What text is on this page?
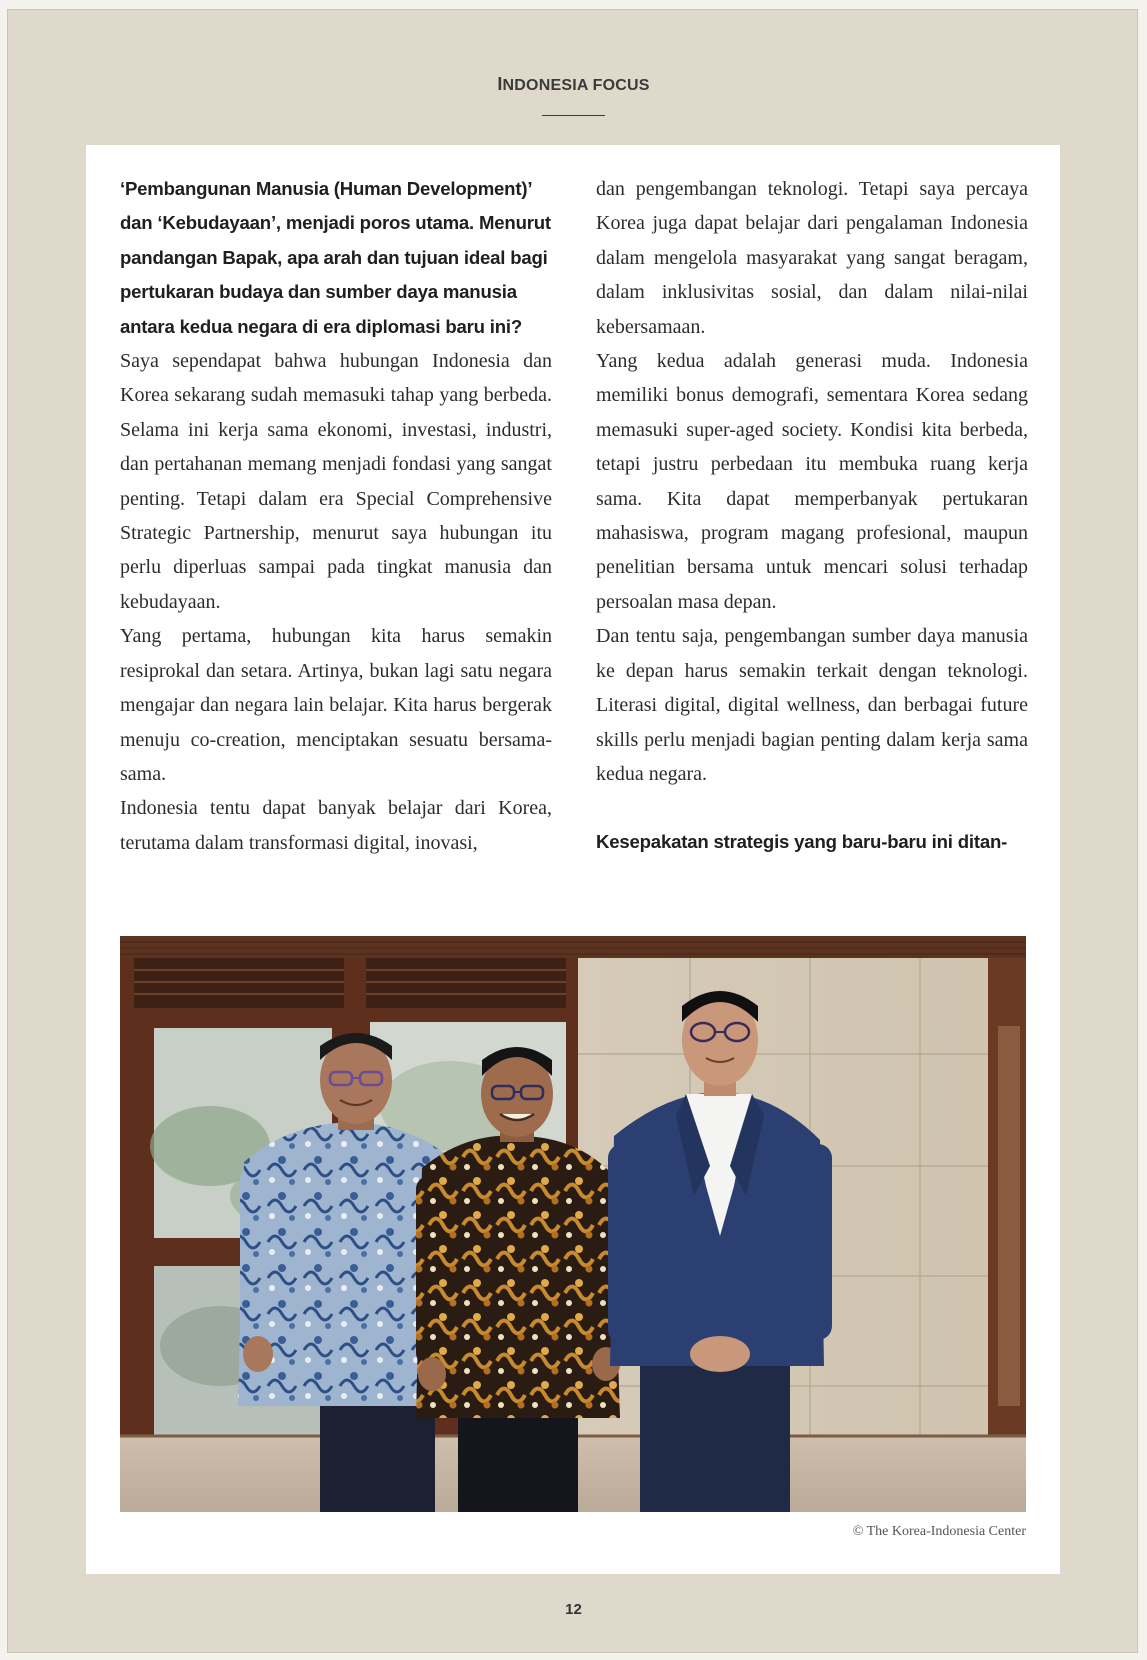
INDONESIA FOCUS

‘Pembangunan Manusia (Human Development)’ dan ‘Kebudayaan’, menjadi poros utama. Menurut pandangan Bapak, apa arah dan tujuan ideal bagi pertukaran budaya dan sumber daya manusia antara kedua negara di era diplomasi baru ini?

Saya sependapat bahwa hubungan Indonesia dan Korea sekarang sudah memasuki tahap yang berbeda. Selama ini kerja sama ekonomi, investasi, industri, dan pertahanan memang menjadi fondasi yang sangat penting. Tetapi dalam era Special Comprehensive Strategic Partnership, menurut saya hubungan itu perlu diperluas sampai pada tingkat manusia dan kebudayaan.

Yang pertama, hubungan kita harus semakin resiprokal dan setara. Artinya, bukan lagi satu negara mengajar dan negara lain belajar. Kita harus bergerak menuju co-creation, menciptakan sesuatu bersama-sama.

Indonesia tentu dapat banyak belajar dari Korea, terutama dalam transformasi digital, inovasi,

dan pengembangan teknologi. Tetapi saya percaya Korea juga dapat belajar dari pengalaman Indonesia dalam mengelola masyarakat yang sangat beragam, dalam inklusivitas sosial, dan dalam nilai-nilai kebersamaan.

Yang kedua adalah generasi muda. Indonesia memiliki bonus demografi, sementara Korea sedang memasuki super-aged society. Kondisi kita berbeda, tetapi justru perbedaan itu membuka ruang kerja sama. Kita dapat memperbanyak pertukaran mahasiswa, program magang profesional, maupun penelitian bersama untuk mencari solusi terhadap persoalan masa depan.

Dan tentu saja, pengembangan sumber daya manusia ke depan harus semakin terkait dengan teknologi. Literasi digital, digital wellness, dan berbagai future skills perlu menjadi bagian penting dalam kerja sama kedua negara.

Kesepakatan strategis yang baru-baru ini ditan-

© The Korea-Indonesia Center
12
